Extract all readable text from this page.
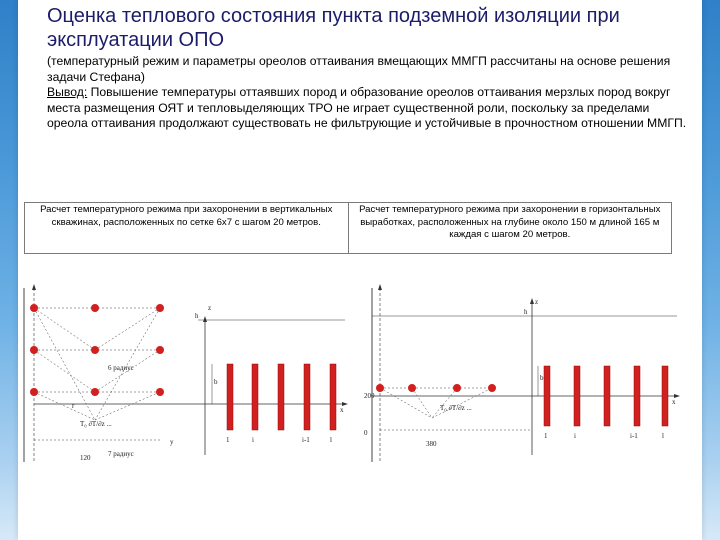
Оценка теплового состояния пункта подземной изоляции при эксплуатации ОПО
(температурный режим и параметры ореолов оттаивания вмещающих ММГП рассчитаны на основе решения задачи Стефана)
Вывод: Повышение температуры оттаявших пород и образование ореолов оттаивания мерзлых пород вокруг места размещения ОЯТ и тепловыделяющих ТРО не играет существенной роли, поскольку за пределами ореола оттаивания продолжают существовать не фильтрующие и устойчивые в прочностном отношении ММГП.
Расчет температурного режима при захоронении в вертикальных скважинах, расположенных по сетке 6х7 с шагом 20 метров.	Расчет температурного режима при захоронении в горизонтальных выработках, расположенных на глубине около 150 м длиной 165 м каждая с шагом 20 метров.
z
x
h
6 радиус
7 радиус
r
T₀ ∂T/∂z ...
120
y
b
1	i	i-1	l
z
x
h
200
0
T₀ ∂T/∂z ...
380
b
1	i	i-1	l
